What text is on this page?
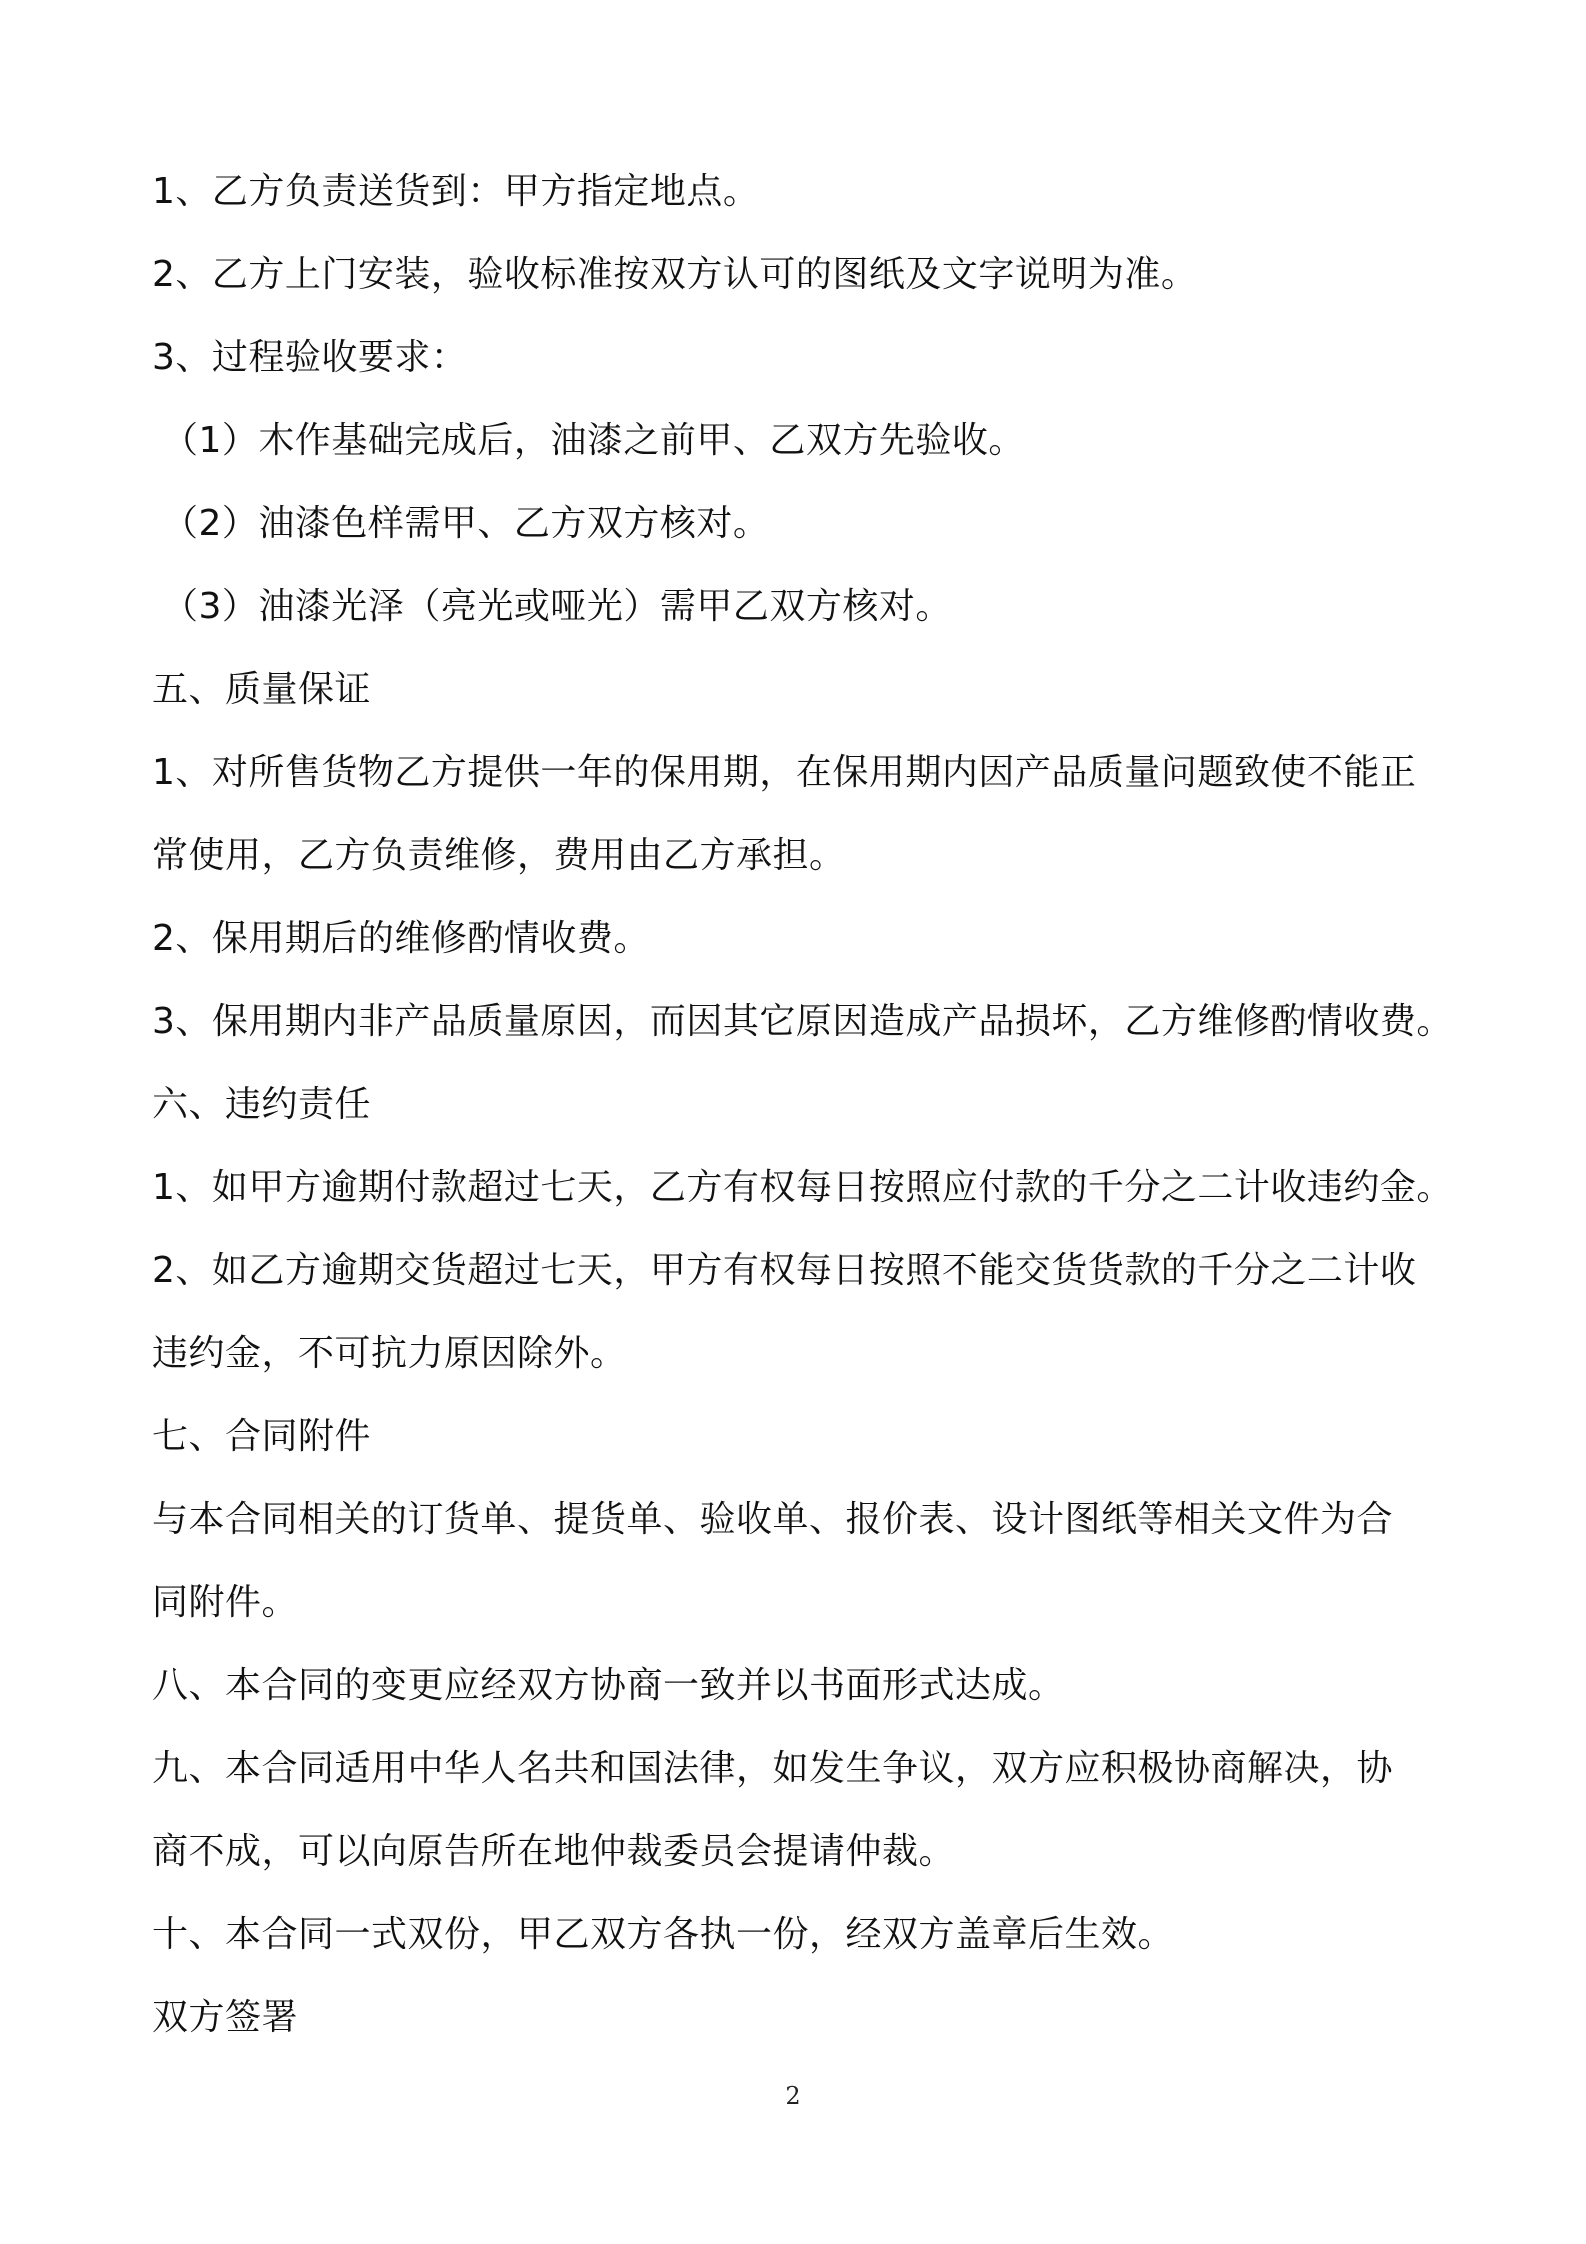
1、乙方负责送货到：甲方指定地点。
2、乙方上门安装，验收标准按双方认可的图纸及文字说明为准。
3、过程验收要求：
（1）木作基础完成后，油漆之前甲、乙双方先验收。
（2）油漆色样需甲、乙方双方核对。
（3）油漆光泽（亮光或哑光）需甲乙双方核对。
五、质量保证
1、对所售货物乙方提供一年的保用期，在保用期内因产品质量问题致使不能正
常使用，乙方负责维修，费用由乙方承担。
2、保用期后的维修酌情收费。
3、保用期内非产品质量原因，而因其它原因造成产品损坏，乙方维修酌情收费。
六、违约责任
1、如甲方逾期付款超过七天，乙方有权每日按照应付款的千分之二计收违约金。
2、如乙方逾期交货超过七天，甲方有权每日按照不能交货货款的千分之二计收
违约金，不可抗力原因除外。
七、合同附件
与本合同相关的订货单、提货单、验收单、报价表、设计图纸等相关文件为合
同附件。
八、本合同的变更应经双方协商一致并以书面形式达成。
九、本合同适用中华人名共和国法律，如发生争议，双方应积极协商解决，协
商不成，可以向原告所在地仲裁委员会提请仲裁。
十、本合同一式双份，甲乙双方各执一份，经双方盖章后生效。
双方签署
2
